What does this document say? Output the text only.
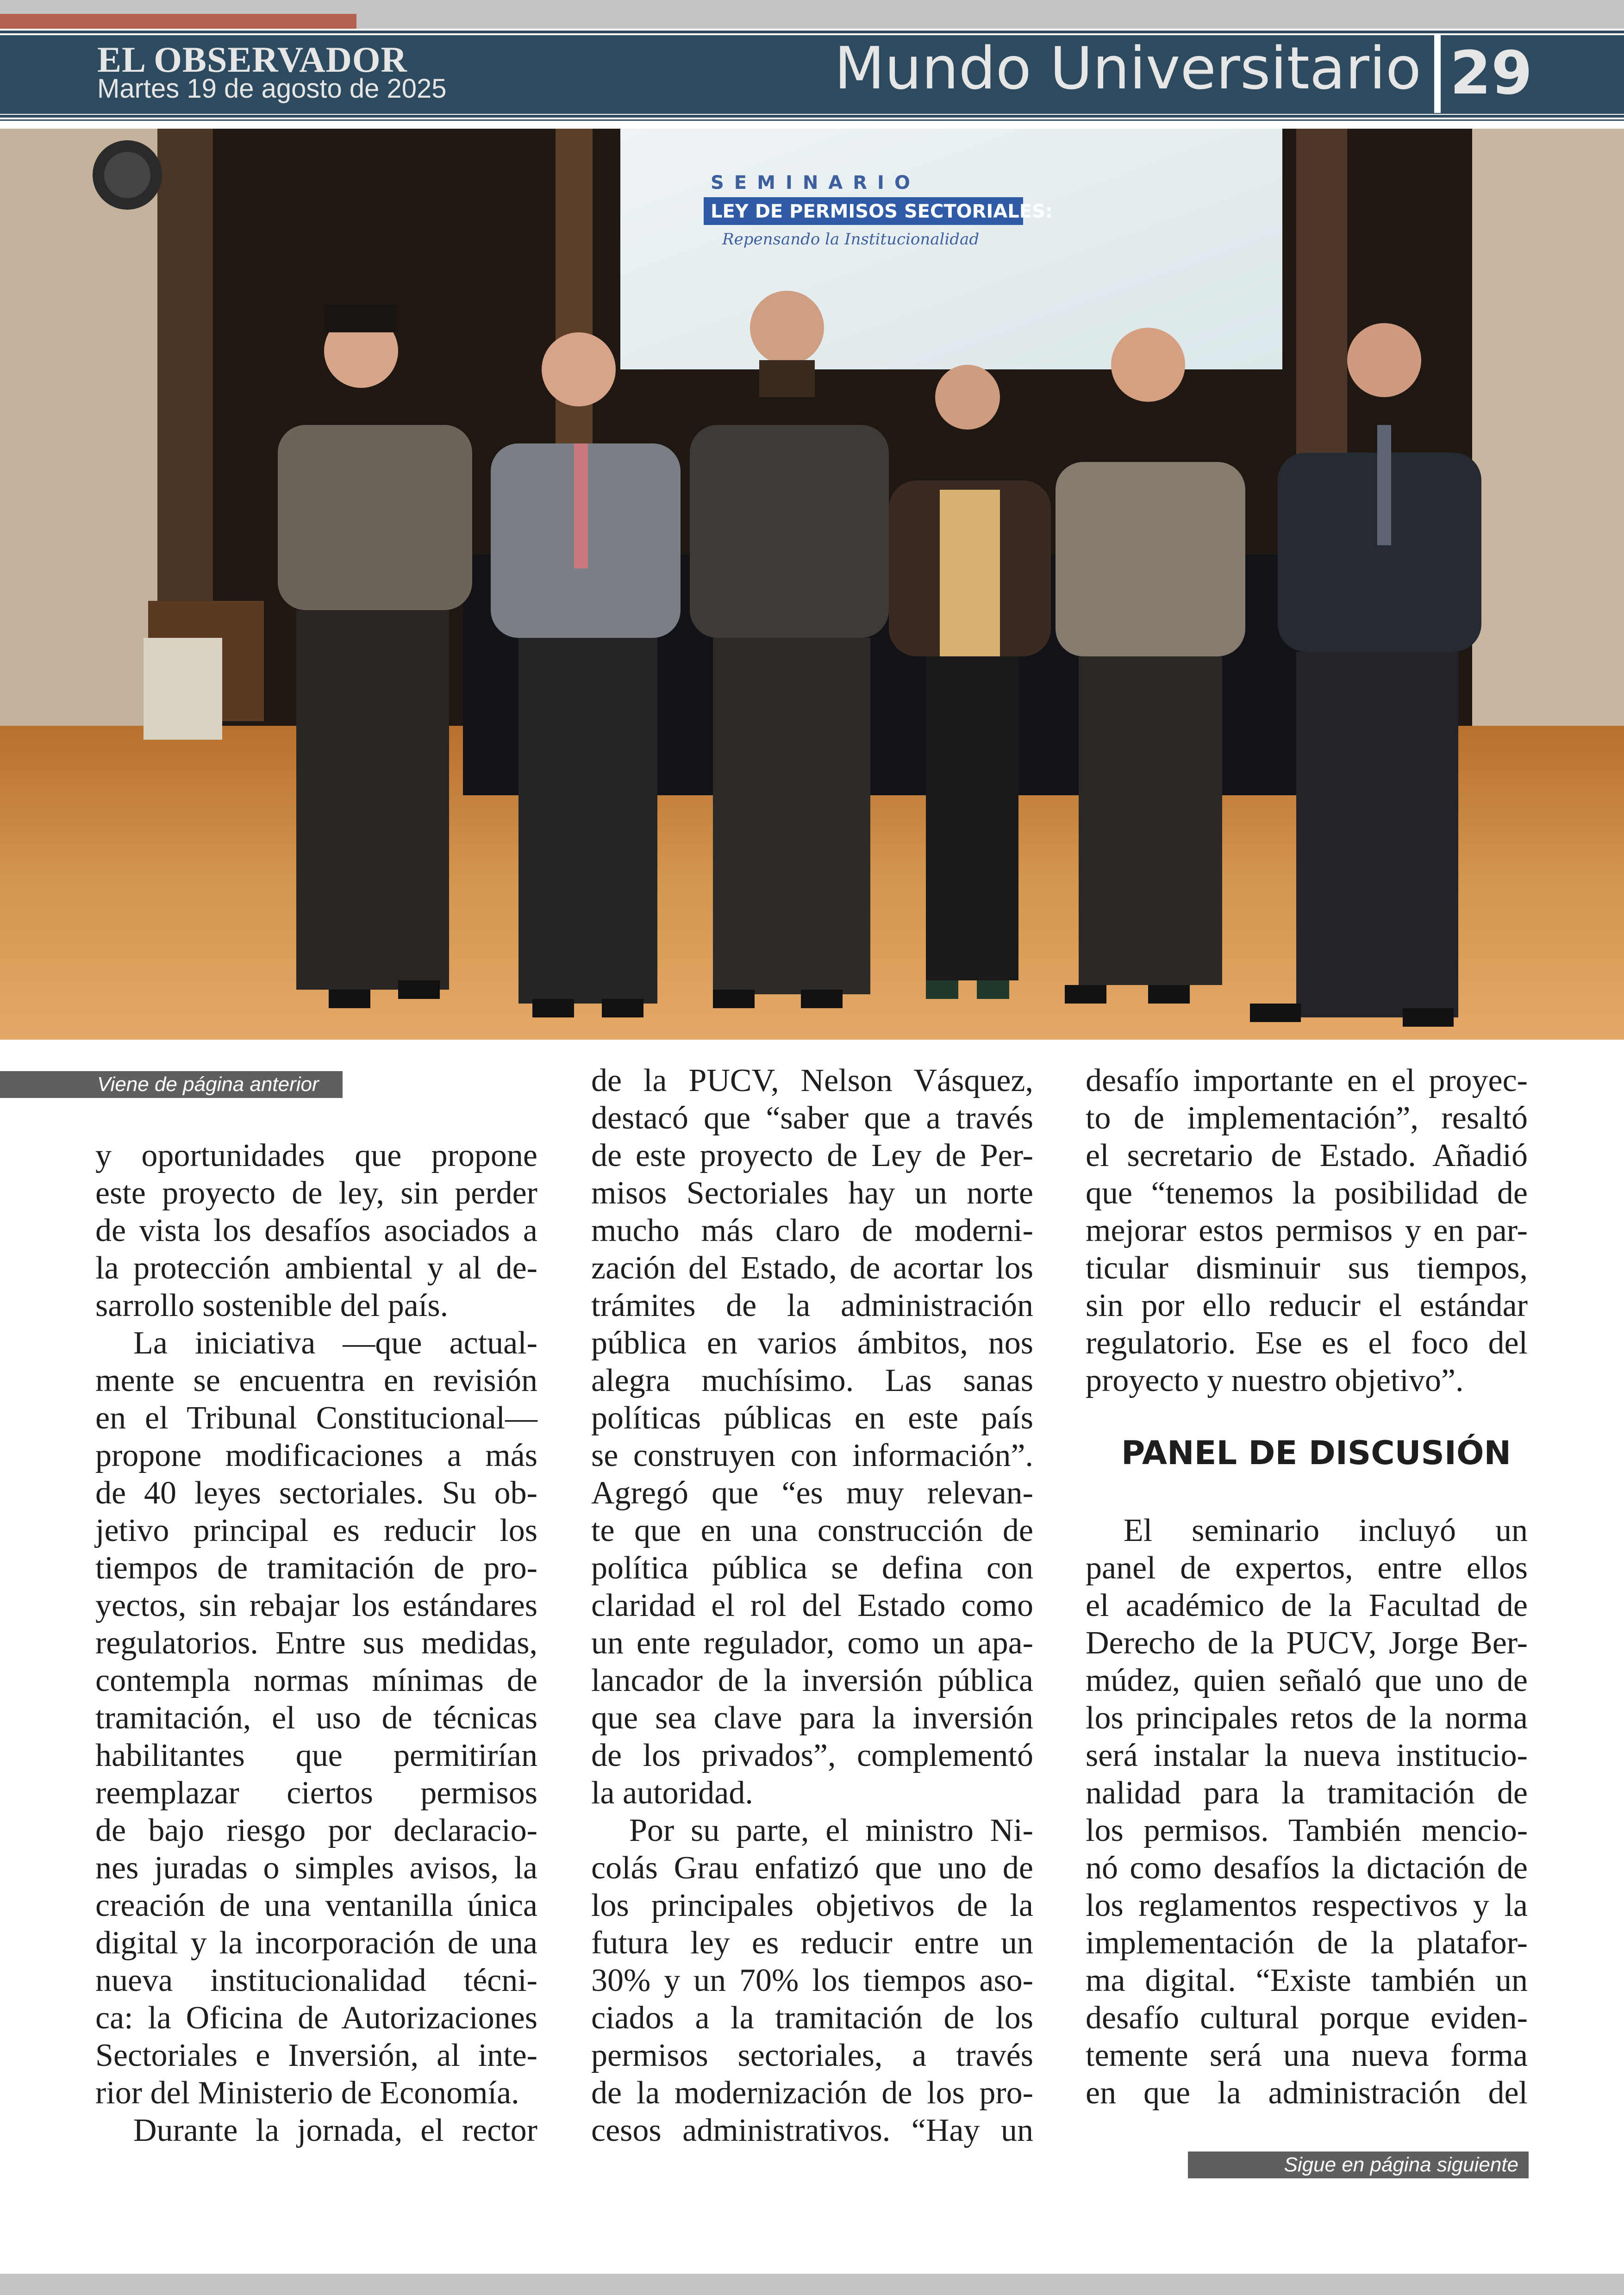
EL OBSERVADOR
Martes 19 de agosto de 2025	Mundo Universitario 29
SEMINARIO
LEY DE PERMISOS SECTORIALES:
Repensando la Institucionalidad
Viene de página anterior
y oportunidades que propone
este proyecto de ley, sin perder
de vista los desafíos asociados a
la protección ambiental y al de-
sarrollo sostenible del país.
La iniciativa —que actual-
mente se encuentra en revisión
en el Tribunal Constitucional—
propone modificaciones a más
de 40 leyes sectoriales. Su ob-
jetivo principal es reducir los
tiempos de tramitación de pro-
yectos, sin rebajar los estándares
regulatorios. Entre sus medidas,
contempla normas mínimas de
tramitación, el uso de técnicas
habilitantes que permitirían
reemplazar ciertos permisos
de bajo riesgo por declaracio-
nes juradas o simples avisos, la
creación de una ventanilla única
digital y la incorporación de una
nueva institucionalidad técni-
ca: la Oficina de Autorizaciones
Sectoriales e Inversión, al inte-
rior del Ministerio de Economía.
Durante la jornada, el rector
de la PUCV, Nelson Vásquez,
destacó que “saber que a través
de este proyecto de Ley de Per-
misos Sectoriales hay un norte
mucho más claro de moderni-
zación del Estado, de acortar los
trámites de la administración
pública en varios ámbitos, nos
alegra muchísimo. Las sanas
políticas públicas en este país
se construyen con información”.
Agregó que “es muy relevan-
te que en una construcción de
política pública se defina con
claridad el rol del Estado como
un ente regulador, como un apa-
lancador de la inversión pública
que sea clave para la inversión
de los privados”, complementó
la autoridad.
Por su parte, el ministro Ni-
colás Grau enfatizó que uno de
los principales objetivos de la
futura ley es reducir entre un
30% y un 70% los tiempos aso-
ciados a la tramitación de los
permisos sectoriales, a través
de la modernización de los pro-
cesos administrativos. “Hay un
desafío importante en el proyec-
to de implementación”, resaltó
el secretario de Estado. Añadió
que “tenemos la posibilidad de
mejorar estos permisos y en par-
ticular disminuir sus tiempos,
sin por ello reducir el estándar
regulatorio. Ese es el foco del
proyecto y nuestro objetivo”.
PANEL DE DISCUSIÓN
El seminario incluyó un
panel de expertos, entre ellos
el académico de la Facultad de
Derecho de la PUCV, Jorge Ber-
múdez, quien señaló que uno de
los principales retos de la norma
será instalar la nueva institucio-
nalidad para la tramitación de
los permisos. También mencio-
nó como desafíos la dictación de
los reglamentos respectivos y la
implementación de la platafor-
ma digital. “Existe también un
desafío cultural porque eviden-
temente será una nueva forma
en que la administración del
Sigue en página siguiente
